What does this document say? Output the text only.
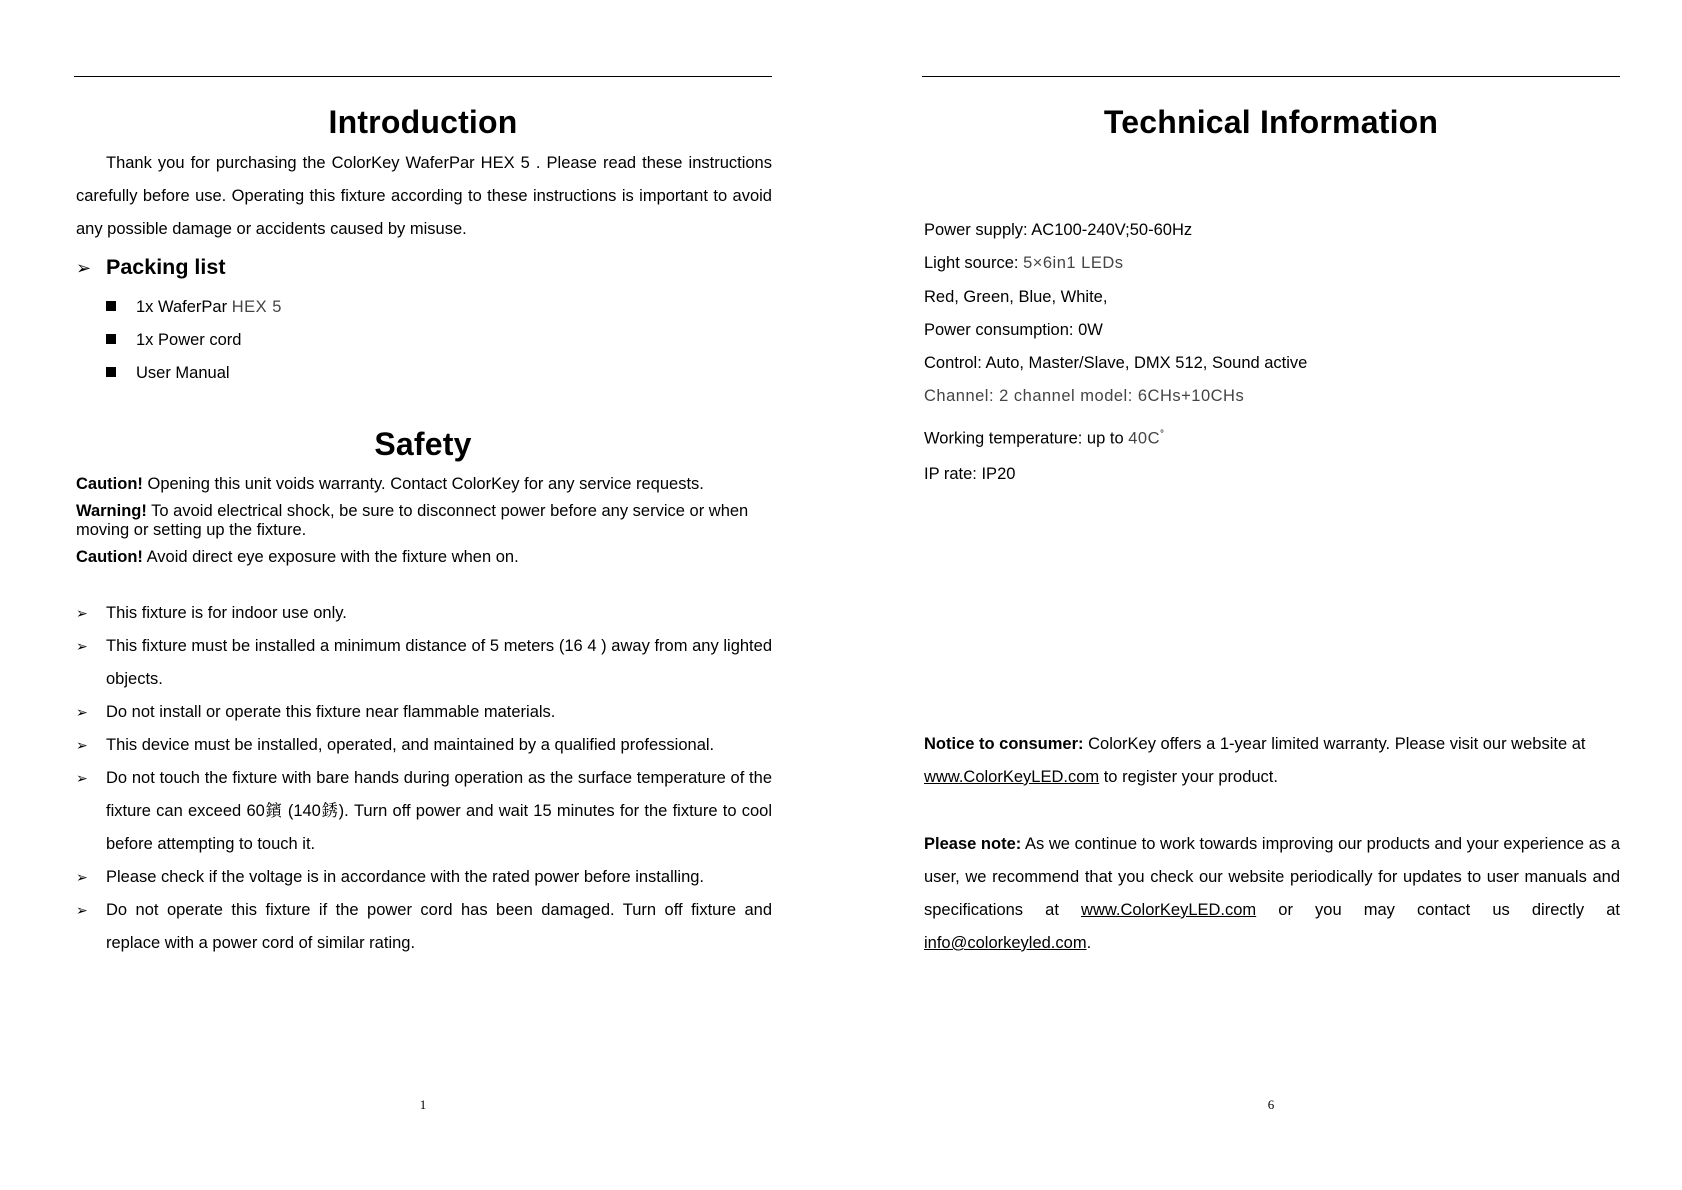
Introduction
Thank you for purchasing the ColorKey WaferPar HEX 5 . Please read these instructions carefully before use. Operating this fixture according to these instructions is important to avoid any possible damage or accidents caused by misuse.
➢ Packing list
1x WaferPar HEX 5
1x Power cord
User Manual
Safety
Caution! Opening this unit voids warranty. Contact ColorKey for any service requests.
Warning! To avoid electrical shock, be sure to disconnect power before any service or when moving or setting up the fixture.
Caution! Avoid direct eye exposure with the fixture when on.
➢ This fixture is for indoor use only.
➢ This fixture must be installed a minimum distance of 5 meters (16 4 ) away from any lighted objects.
➢ Do not install or operate this fixture near flammable materials.
➢ This device must be installed, operated, and maintained by a qualified professional.
➢ Do not touch the fixture with bare hands during operation as the surface temperature of the fixture can exceed 60鑌 (140銹). Turn off power and wait 15 minutes for the fixture to cool before attempting to touch it.
➢ Please check if the voltage is in accordance with the rated power before installing.
➢ Do not operate this fixture if the power cord has been damaged. Turn off fixture and replace with a power cord of similar rating.
1
Technical Information
Power supply: AC100-240V;50-60Hz
Light source: 5×6in1 LEDs
Red, Green, Blue, White,
Power consumption: 0W
Control: Auto, Master/Slave, DMX 512, Sound active
Channel: 2 channel model: 6CHs+10CHs
Working temperature: up to 40C°
IP rate: IP20
Notice to consumer: ColorKey offers a 1-year limited warranty. Please visit our website at www.ColorKeyLED.com to register your product.
Please note: As we continue to work towards improving our products and your experience as a user, we recommend that you check our website periodically for updates to user manuals and specifications at www.ColorKeyLED.com or you may contact us directly at info@colorkeyled.com.
6
